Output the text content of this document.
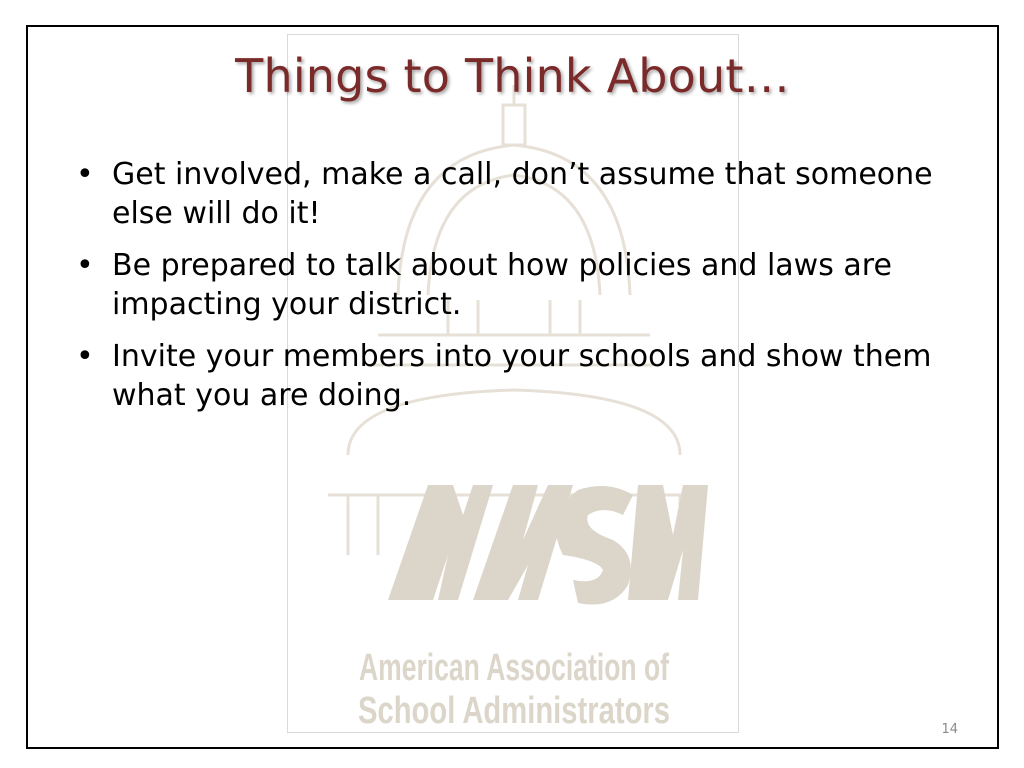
American Association of
School Administrators
Things to Think About…
• Get involved, make a call, don’t assume that someone else will do it!
• Be prepared to talk about how policies and laws are impacting your district.
• Invite your members into your schools and show them what you are doing.
14
